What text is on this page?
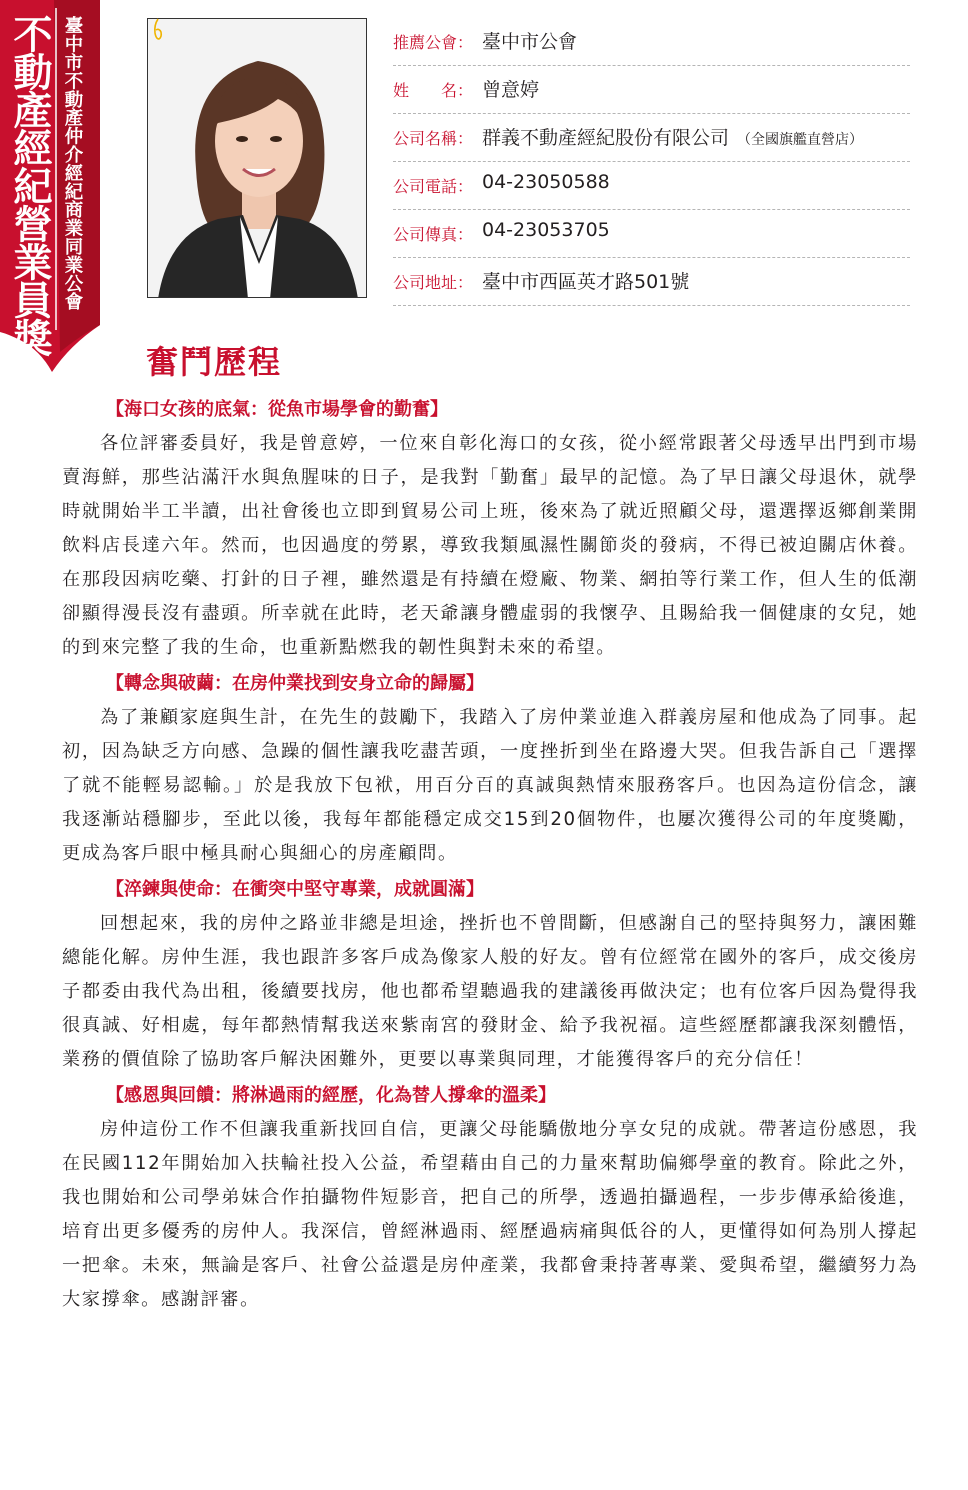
不動產經紀營業員獎 臺中市不動產仲介經紀商業同業公會	推薦公會： 臺中市公會
姓　　名： 曾意婷
公司名稱： 群義不動產經紀股份有限公司 （全國旗艦直營店）
公司電話： 04-23050588
公司傳真： 04-23053705
公司地址： 臺中市西區英才路501號
奮鬥歷程
【海口女孩的底氣：從魚市場學會的勤奮】

各位評審委員好，我是曾意婷，一位來自彰化海口的女孩，從小經常跟著父母透早出門到市場賣海鮮，那些沾滿汗水與魚腥味的日子，是我對「勤奮」最早的記憶。為了早日讓父母退休，就學時就開始半工半讀，出社會後也立即到貿易公司上班，後來為了就近照顧父母，還選擇返鄉創業開飲料店長達六年。然而，也因過度的勞累，導致我類風濕性關節炎的發病，不得已被迫關店休養。在那段因病吃藥、打針的日子裡，雖然還是有持續在燈廠、物業、網拍等行業工作，但人生的低潮卻顯得漫長沒有盡頭。所幸就在此時，老天爺讓身體虛弱的我懷孕、且賜給我一個健康的女兒，她的到來完整了我的生命，也重新點燃我的韌性與對未來的希望。

【轉念與破繭：在房仲業找到安身立命的歸屬】

為了兼顧家庭與生計，在先生的鼓勵下，我踏入了房仲業並進入群義房屋和他成為了同事。起初，因為缺乏方向感、急躁的個性讓我吃盡苦頭，一度挫折到坐在路邊大哭。但我告訴自己「選擇了就不能輕易認輸。」於是我放下包袱，用百分百的真誠與熱情來服務客戶。也因為這份信念，讓我逐漸站穩腳步，至此以後，我每年都能穩定成交15到20個物件，也屢次獲得公司的年度獎勵，更成為客戶眼中極具耐心與細心的房產顧問。

【淬鍊與使命：在衝突中堅守專業，成就圓滿】

回想起來，我的房仲之路並非總是坦途，挫折也不曾間斷，但感謝自己的堅持與努力，讓困難總能化解。房仲生涯，我也跟許多客戶成為像家人般的好友。曾有位經常在國外的客戶，成交後房子都委由我代為出租，後續要找房，他也都希望聽過我的建議後再做決定；也有位客戶因為覺得我很真誠、好相處，每年都熱情幫我送來紫南宮的發財金、給予我祝福。這些經歷都讓我深刻體悟，業務的價值除了協助客戶解決困難外，更要以專業與同理，才能獲得客戶的充分信任！

【感恩與回饋：將淋過雨的經歷，化為替人撐傘的溫柔】

房仲這份工作不但讓我重新找回自信，更讓父母能驕傲地分享女兒的成就。帶著這份感恩，我在民國112年開始加入扶輪社投入公益，希望藉由自己的力量來幫助偏鄉學童的教育。除此之外，我也開始和公司學弟妹合作拍攝物件短影音，把自己的所學，透過拍攝過程，一步步傳承給後進，培育出更多優秀的房仲人。我深信，曾經淋過雨、經歷過病痛與低谷的人，更懂得如何為別人撐起一把傘。未來，無論是客戶、社會公益還是房仲產業，我都會秉持著專業、愛與希望，繼續努力為大家撐傘。感謝評審。
